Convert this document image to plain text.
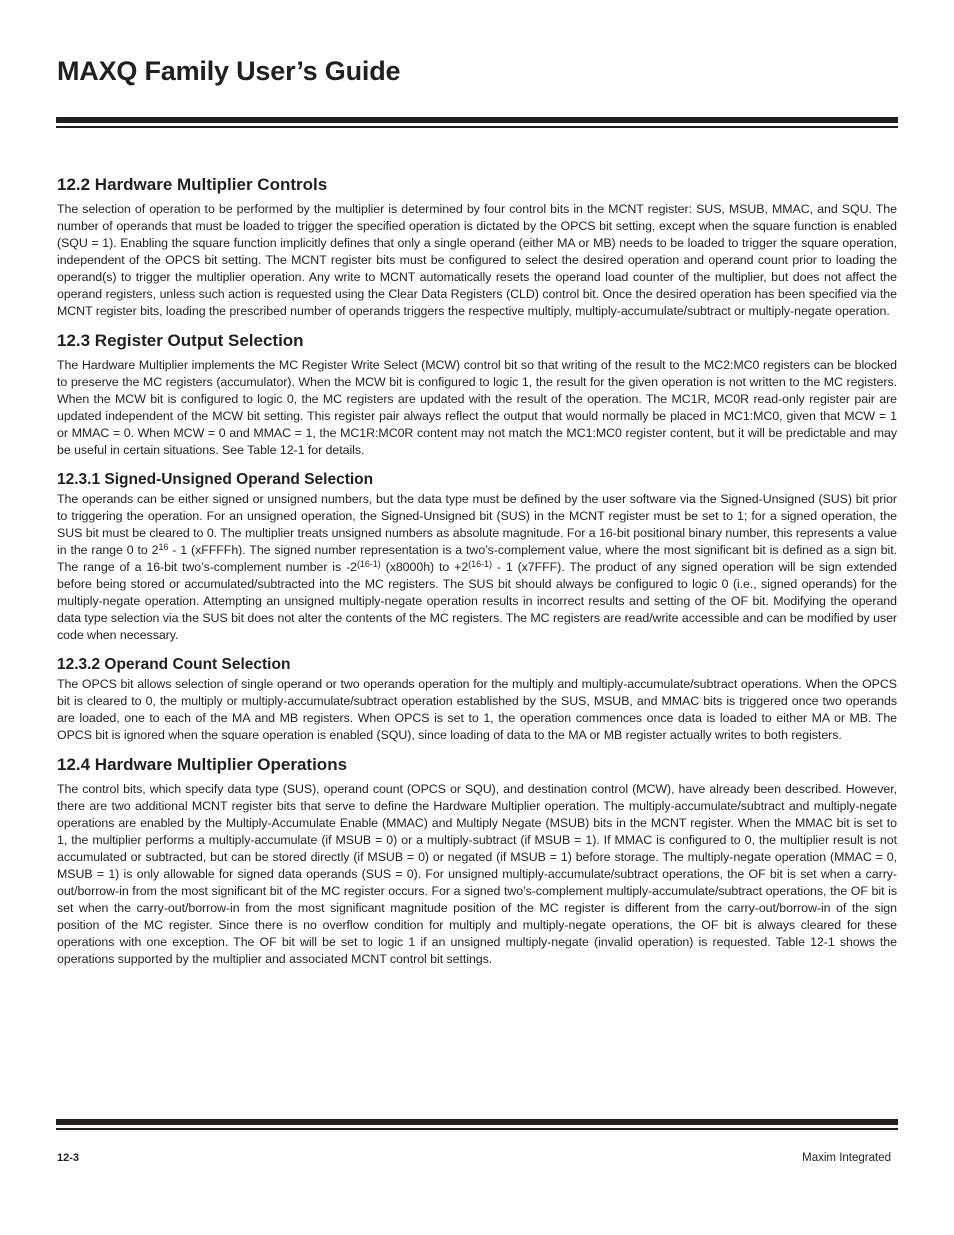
MAXQ Family User’s Guide
12.2 Hardware Multiplier Controls

The selection of operation to be performed by the multiplier is determined by four control bits in the MCNT register: SUS, MSUB, MMAC, and SQU. The number of operands that must be loaded to trigger the specified operation is dictated by the OPCS bit setting, except when the square function is enabled (SQU = 1). Enabling the square function implicitly defines that only a single operand (either MA or MB) needs to be loaded to trigger the square operation, independent of the OPCS bit setting. The MCNT register bits must be configured to select the desired operation and operand count prior to loading the operand(s) to trigger the multiplier operation. Any write to MCNT automatically resets the operand load counter of the multiplier, but does not affect the operand registers, unless such action is requested using the Clear Data Registers (CLD) control bit. Once the desired operation has been specified via the MCNT register bits, loading the prescribed number of operands triggers the respective multiply, multiply-accumulate/subtract or multiply-negate operation.

12.3 Register Output Selection

The Hardware Multiplier implements the MC Register Write Select (MCW) control bit so that writing of the result to the MC2:MC0 registers can be blocked to preserve the MC registers (accumulator). When the MCW bit is configured to logic 1, the result for the given operation is not written to the MC registers. When the MCW bit is configured to logic 0, the MC registers are updated with the result of the operation. The MC1R, MC0R read-only register pair are updated independent of the MCW bit setting. This register pair always reflect the output that would normally be placed in MC1:MC0, given that MCW = 1 or MMAC = 0. When MCW = 0 and MMAC = 1, the MC1R:MC0R content may not match the MC1:MC0 register content, but it will be predictable and may be useful in certain situations. See Table 12-1 for details.

12.3.1 Signed-Unsigned Operand Selection

The operands can be either signed or unsigned numbers, but the data type must be defined by the user software via the Signed-Unsigned (SUS) bit prior to triggering the operation. For an unsigned operation, the Signed-Unsigned bit (SUS) in the MCNT register must be set to 1; for a signed operation, the SUS bit must be cleared to 0. The multiplier treats unsigned numbers as absolute magnitude. For a 16-bit positional binary number, this represents a value in the range 0 to $2^{16} - 1$ (xFFFFh). The signed number representation is a two’s-complement value, where the most significant bit is defined as a sign bit. The range of a 16-bit two’s-complement number is -2$^{(16-1)}$ (x8000h) to $+2^{(16-1)} - 1$ (x7FFF). The product of any signed operation will be sign extended before being stored or accumulated/subtracted into the MC registers. The SUS bit should always be configured to logic 0 (i.e., signed operands) for the multiply-negate operation. Attempting an unsigned multiply-negate operation results in incorrect results and setting of the OF bit. Modifying the operand data type selection via the SUS bit does not alter the contents of the MC registers. The MC registers are read/write accessible and can be modified by user code when necessary.

12.3.2 Operand Count Selection

The OPCS bit allows selection of single operand or two operands operation for the multiply and multiply-accumulate/subtract operations. When the OPCS bit is cleared to 0, the multiply or multiply-accumulate/subtract operation established by the SUS, MSUB, and MMAC bits is triggered once two operands are loaded, one to each of the MA and MB registers. When OPCS is set to 1, the operation commences once data is loaded to either MA or MB. The OPCS bit is ignored when the square operation is enabled (SQU), since loading of data to the MA or MB register actually writes to both registers.

12.4 Hardware Multiplier Operations

The control bits, which specify data type (SUS), operand count (OPCS or SQU), and destination control (MCW), have already been described. However, there are two additional MCNT register bits that serve to define the Hardware Multiplier operation. The multiply-accumulate/subtract and multiply-negate operations are enabled by the Multiply-Accumulate Enable (MMAC) and Multiply Negate (MSUB) bits in the MCNT register. When the MMAC bit is set to 1, the multiplier performs a multiply-accumulate (if MSUB = 0) or a multiply-subtract (if MSUB = 1). If MMAC is configured to 0, the multiplier result is not accumulated or subtracted, but can be stored directly (if MSUB = 0) or negated (if MSUB = 1) before storage. The multiply-negate operation (MMAC = 0, MSUB = 1) is only allowable for signed data operands (SUS = 0). For unsigned multiply-accumulate/subtract operations, the OF bit is set when a carry-out/borrow-in from the most significant bit of the MC register occurs. For a signed two’s-complement multiply-accumulate/subtract operations, the OF bit is set when the carry-out/borrow-in from the most significant magnitude position of the MC register is different from the carry-out/borrow-in of the sign position of the MC register. Since there is no overflow condition for multiply and multiply-negate operations, the OF bit is always cleared for these operations with one exception. The OF bit will be set to logic 1 if an unsigned multiply-negate (invalid operation) is requested. Table 12-1 shows the operations supported by the multiplier and associated MCNT control bit settings.

12-3	Maxim Integrated
